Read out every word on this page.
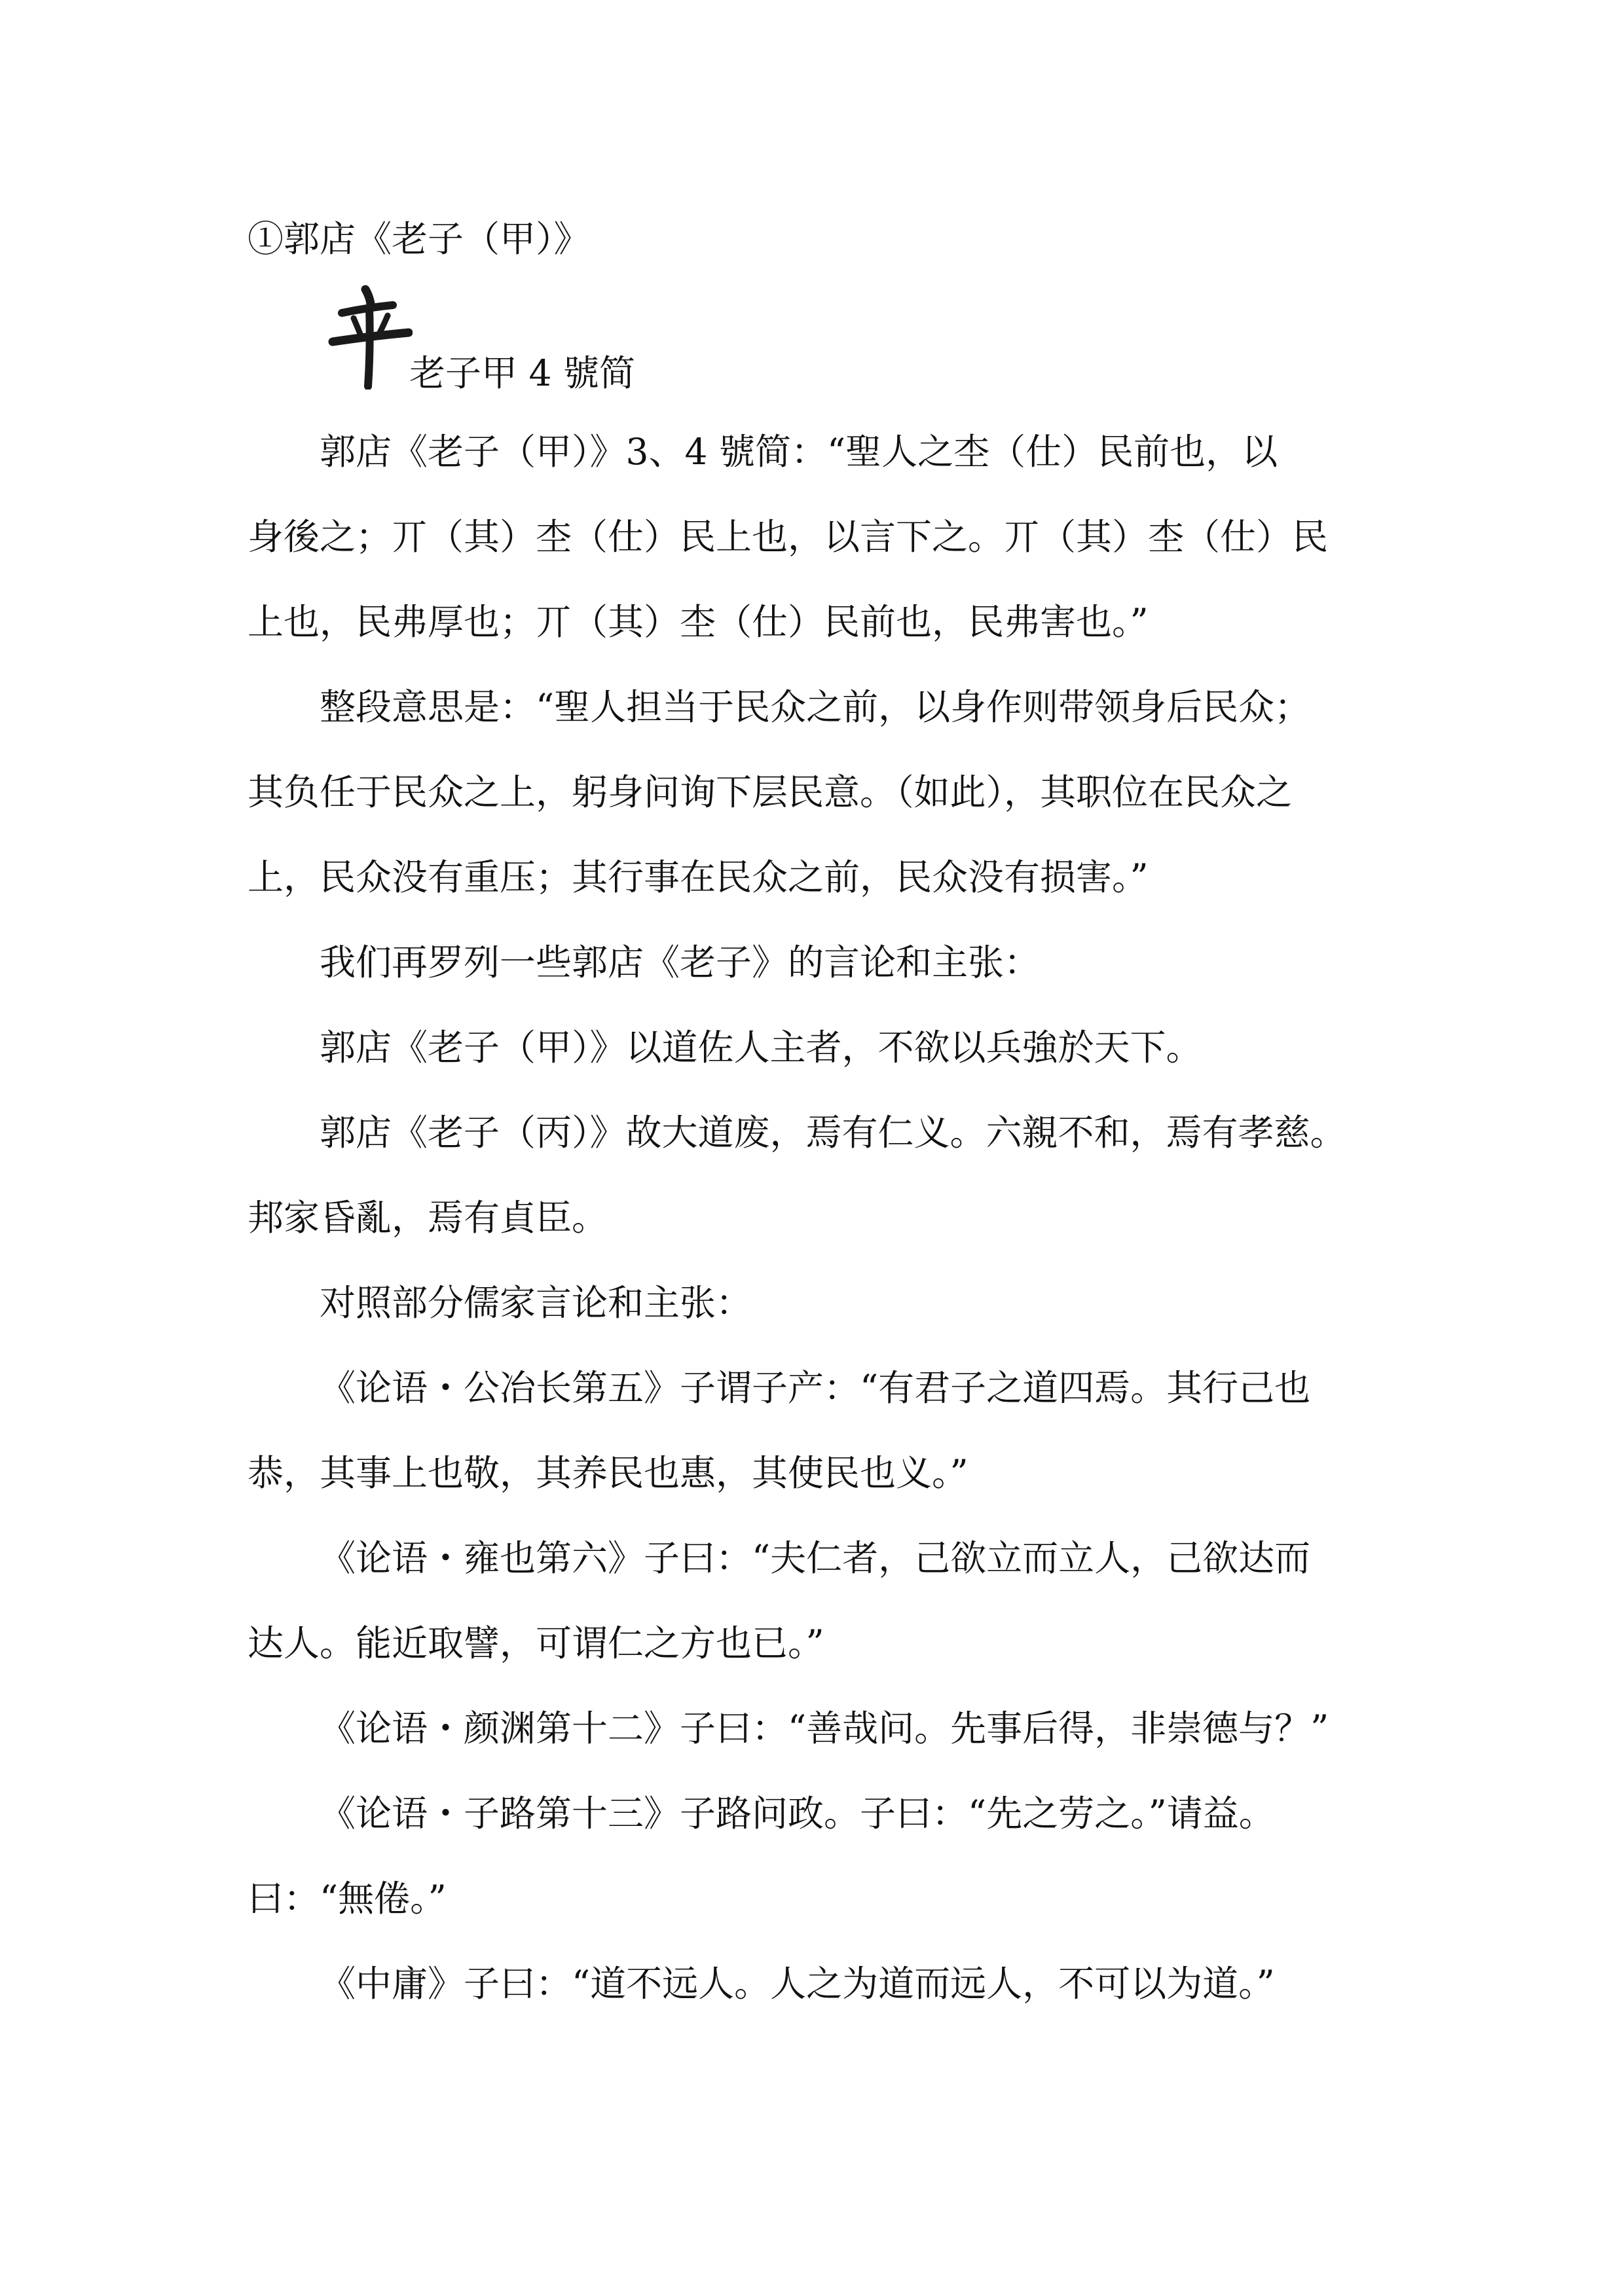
①郭店《老子（甲）》
老子甲 4 號简
郭店《老子（甲）》3、4 號简：“聖人之杢（仕）民前也，以
身後之；丌（其）杢（仕）民上也，以言下之。丌（其）杢（仕）民
上也，民弗厚也；丌（其）杢（仕）民前也，民弗害也。”
整段意思是：“聖人担当于民众之前，以身作则带领身后民众；
其负任于民众之上，躬身问询下层民意。（如此），其职位在民众之
上，民众没有重压；其行事在民众之前，民众没有损害。”
我们再罗列一些郭店《老子》的言论和主张：
郭店《老子（甲）》以道佐人主者，不欲以兵強於天下。
郭店《老子（丙）》故大道废，焉有仁义。六親不和，焉有孝慈。
邦家昏亂，焉有貞臣。
对照部分儒家言论和主张：
《论语・公冶长第五》子谓子产：“有君子之道四焉。其行己也
恭，其事上也敬，其养民也惠，其使民也义。”
《论语・雍也第六》子曰：“夫仁者，己欲立而立人，己欲达而
达人。能近取譬，可谓仁之方也已。”
《论语・颜渊第十二》子曰：“善哉问。先事后得，非崇德与？”
《论语・子路第十三》子路问政。子曰：“先之劳之。”请益。
曰：“無倦。”
《中庸》子曰：“道不远人。人之为道而远人，不可以为道。”
